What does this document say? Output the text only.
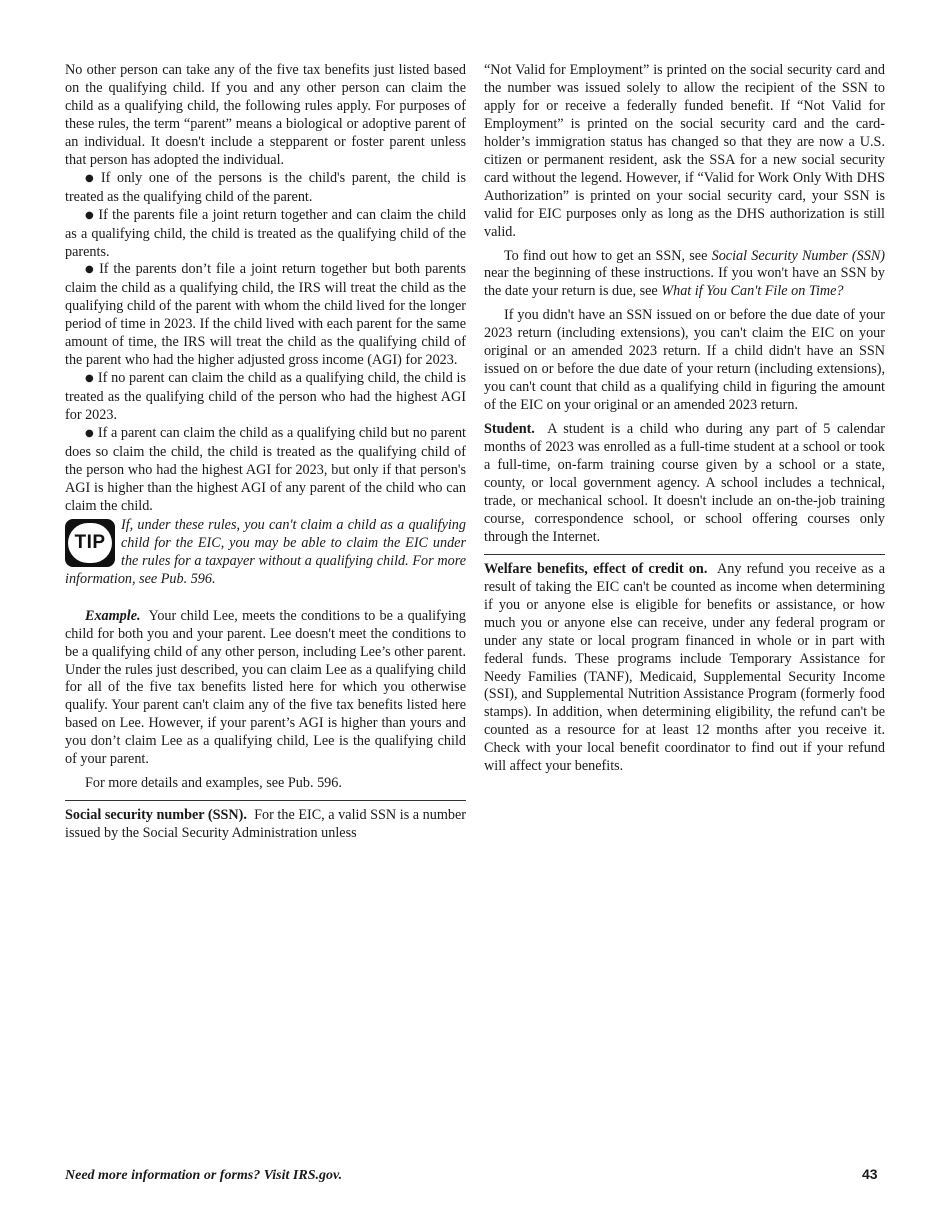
No other person can take any of the five tax benefits just listed based on the qualifying child. If you and any other person can claim the child as a qualifying child, the following rules apply. For purposes of these rules, the term “parent” means a biological or adoptive parent of an individual. It doesn't include a stepparent or foster parent unless that person has adopted the individual.

● If only one of the persons is the child's parent, the child is treated as the qualifying child of the parent.

● If the parents file a joint return together and can claim the child as a qualifying child, the child is treated as the qualifying child of the parents.

● If the parents don’t file a joint return together but both parents claim the child as a qualifying child, the IRS will treat the child as the qualifying child of the parent with whom the child lived for the longer period of time in 2023. If the child lived with each parent for the same amount of time, the IRS will treat the child as the qualifying child of the parent who had the higher adjusted gross income (AGI) for 2023.

● If no parent can claim the child as a qualifying child, the child is treated as the qualifying child of the person who had the highest AGI for 2023.

● If a parent can claim the child as a qualifying child but no parent does so claim the child, the child is treated as the qualifying child of the person who had the highest AGI for 2023, but only if that person's AGI is higher than the highest AGI of any parent of the child who can claim the child.

TIP

If, under these rules, you can't claim a child as a qualifying child for the EIC, you may be able to claim the EIC under the rules for a taxpayer without a qualifying child. For more information, see Pub. 596.

Example. Your child Lee, meets the conditions to be a qualifying child for both you and your parent. Lee doesn't meet the conditions to be a qualifying child of any other person, including Lee’s other parent. Under the rules just described, you can claim Lee as a qualifying child for all of the five tax benefits listed here for which you otherwise qualify. Your parent can't claim any of the five tax benefits listed here based on Lee. However, if your parent’s AGI is higher than yours and you don’t claim Lee as a qualifying child, Lee is the qualifying child of your parent.

For more details and examples, see Pub. 596.

Social security number (SSN). For the EIC, a valid SSN is a number issued by the Social Security Administration unless

“Not Valid for Employment” is printed on the social security card and the number was issued solely to allow the recipient of the SSN to apply for or receive a federally funded benefit. If “Not Valid for Employment” is printed on the social security card and the card-holder’s immigration status has changed so that they are now a U.S. citizen or permanent resident, ask the SSA for a new social security card without the legend. However, if “Valid for Work Only With DHS Authorization” is printed on your social security card, your SSN is valid for EIC purposes only as long as the DHS authorization is still valid.

To find out how to get an SSN, see Social Security Number (SSN) near the beginning of these instructions. If you won't have an SSN by the date your return is due, see What if You Can't File on Time?

If you didn't have an SSN issued on or before the due date of your 2023 return (including extensions), you can't claim the EIC on your original or an amended 2023 return. If a child didn't have an SSN issued on or before the due date of your return (including extensions), you can't count that child as a qualifying child in figuring the amount of the EIC on your original or an amended 2023 return.

Student. A student is a child who during any part of 5 calendar months of 2023 was enrolled as a full-time student at a school or took a full-time, on-farm training course given by a school or a state, county, or local government agency. A school includes a technical, trade, or mechanical school. It doesn't include an on-the-job training course, correspondence school, or school offering courses only through the Internet.

Welfare benefits, effect of credit on. Any refund you receive as a result of taking the EIC can't be counted as income when determining if you or anyone else is eligible for benefits or assistance, or how much you or anyone else can receive, under any federal program or under any state or local program financed in whole or in part with federal funds. These programs include Temporary Assistance for Needy Families (TANF), Medicaid, Supplemental Security Income (SSI), and Supplemental Nutrition Assistance Program (formerly food stamps). In addition, when determining eligibility, the refund can't be counted as a resource for at least 12 months after you receive it. Check with your local benefit coordinator to find out if your refund will affect your benefits.

Need more information or forms? Visit IRS.gov.	43
